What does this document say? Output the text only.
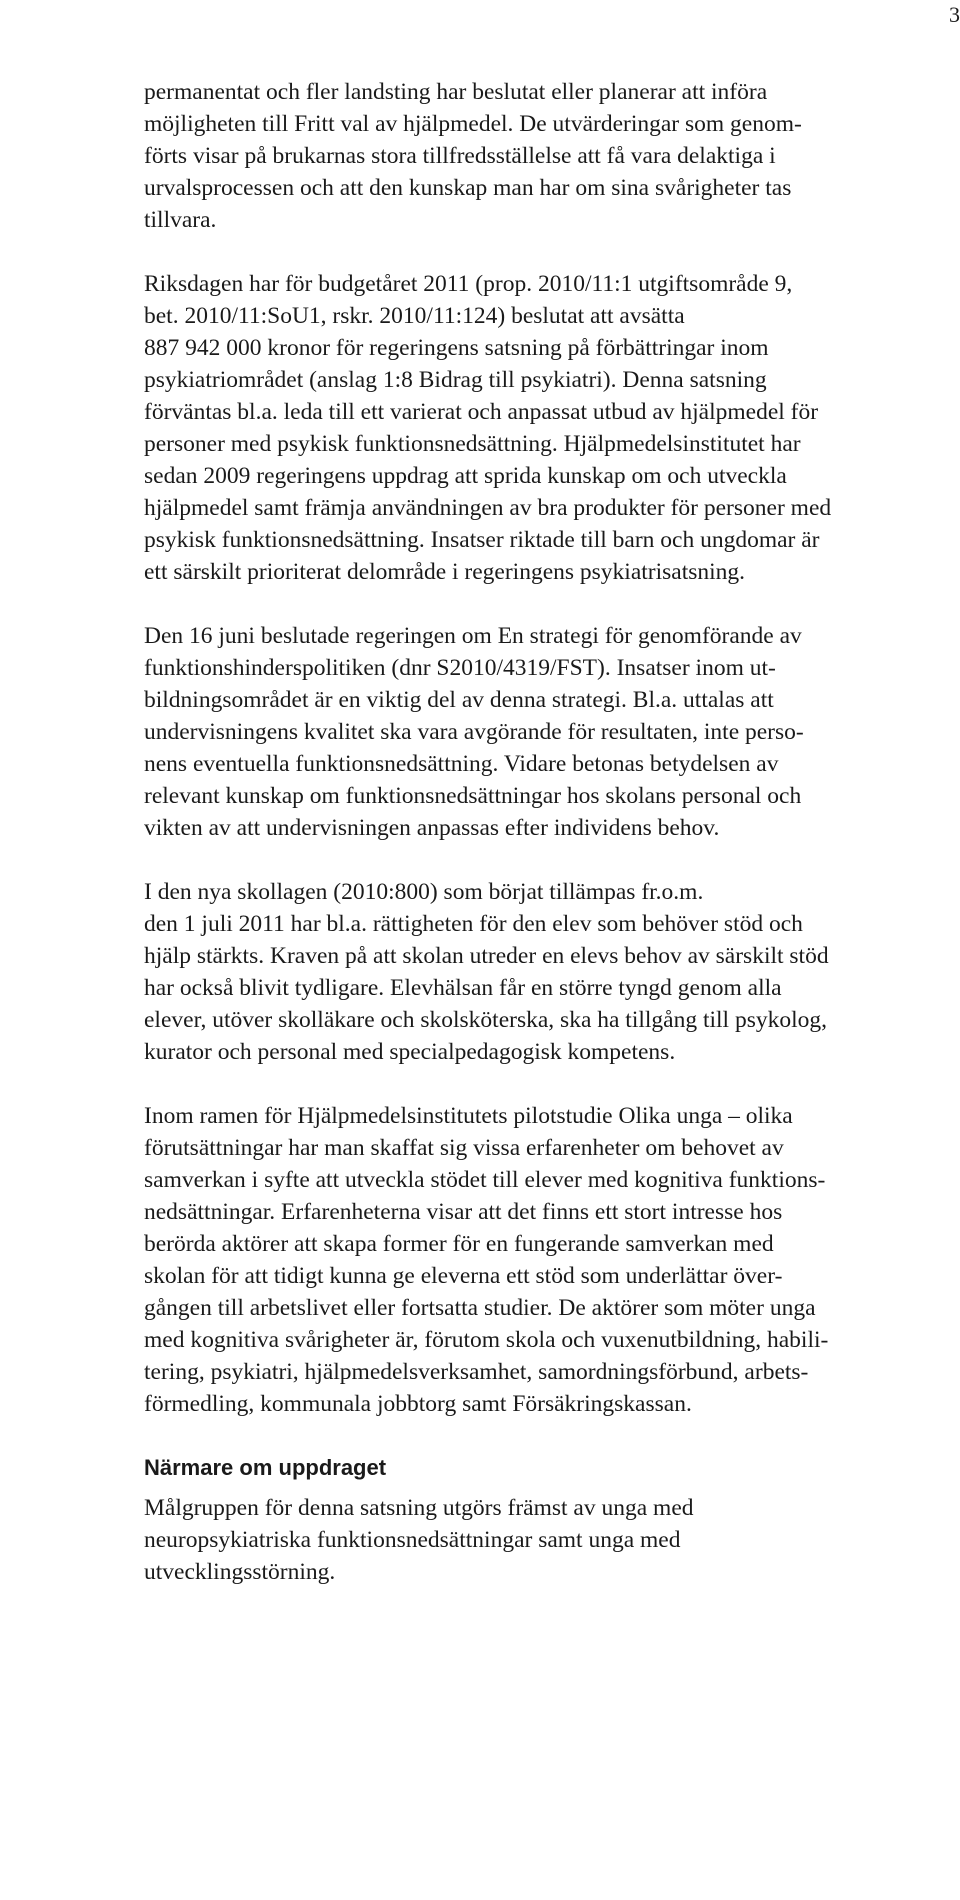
3

permanentat och fler landsting har beslutat eller planerar att införa
möjligheten till Fritt val av hjälpmedel. De utvärderingar som genom-
förts visar på brukarnas stora tillfredsställelse att få vara delaktiga i
urvalsprocessen och att den kunskap man har om sina svårigheter tas
tillvara.

Riksdagen har för budgetåret 2011 (prop. 2010/11:1 utgiftsområde 9,
bet. 2010/11:SoU1, rskr. 2010/11:124) beslutat att avsätta
887 942 000 kronor för regeringens satsning på förbättringar inom
psykiatriområdet (anslag 1:8 Bidrag till psykiatri). Denna satsning
förväntas bl.a. leda till ett varierat och anpassat utbud av hjälpmedel för
personer med psykisk funktionsnedsättning. Hjälpmedelsinstitutet har
sedan 2009 regeringens uppdrag att sprida kunskap om och utveckla
hjälpmedel samt främja användningen av bra produkter för personer med
psykisk funktionsnedsättning. Insatser riktade till barn och ungdomar är
ett särskilt prioriterat delområde i regeringens psykiatrisatsning.

Den 16 juni beslutade regeringen om En strategi för genomförande av
funktionshinderspolitiken (dnr S2010/4319/FST). Insatser inom ut-
bildningsområdet är en viktig del av denna strategi. Bl.a. uttalas att
undervisningens kvalitet ska vara avgörande för resultaten, inte perso-
nens eventuella funktionsnedsättning. Vidare betonas betydelsen av
relevant kunskap om funktionsnedsättningar hos skolans personal och
vikten av att undervisningen anpassas efter individens behov.

I den nya skollagen (2010:800) som börjat tillämpas fr.o.m.
den 1 juli 2011 har bl.a. rättigheten för den elev som behöver stöd och
hjälp stärkts. Kraven på att skolan utreder en elevs behov av särskilt stöd
har också blivit tydligare. Elevhälsan får en större tyngd genom alla
elever, utöver skolläkare och skolsköterska, ska ha tillgång till psykolog,
kurator och personal med specialpedagogisk kompetens.

Inom ramen för Hjälpmedelsinstitutets pilotstudie Olika unga – olika
förutsättningar har man skaffat sig vissa erfarenheter om behovet av
samverkan i syfte att utveckla stödet till elever med kognitiva funktions-
nedsättningar. Erfarenheterna visar att det finns ett stort intresse hos
berörda aktörer att skapa former för en fungerande samverkan med
skolan för att tidigt kunna ge eleverna ett stöd som underlättar över-
gången till arbetslivet eller fortsatta studier. De aktörer som möter unga
med kognitiva svårigheter är, förutom skola och vuxenutbildning, habili-
tering, psykiatri, hjälpmedelsverksamhet, samordningsförbund, arbets-
förmedling, kommunala jobbtorg samt Försäkringskassan.

Närmare om uppdraget

Målgruppen för denna satsning utgörs främst av unga med
neuropsykiatriska funktionsnedsättningar samt unga med
utvecklingsstörning.
